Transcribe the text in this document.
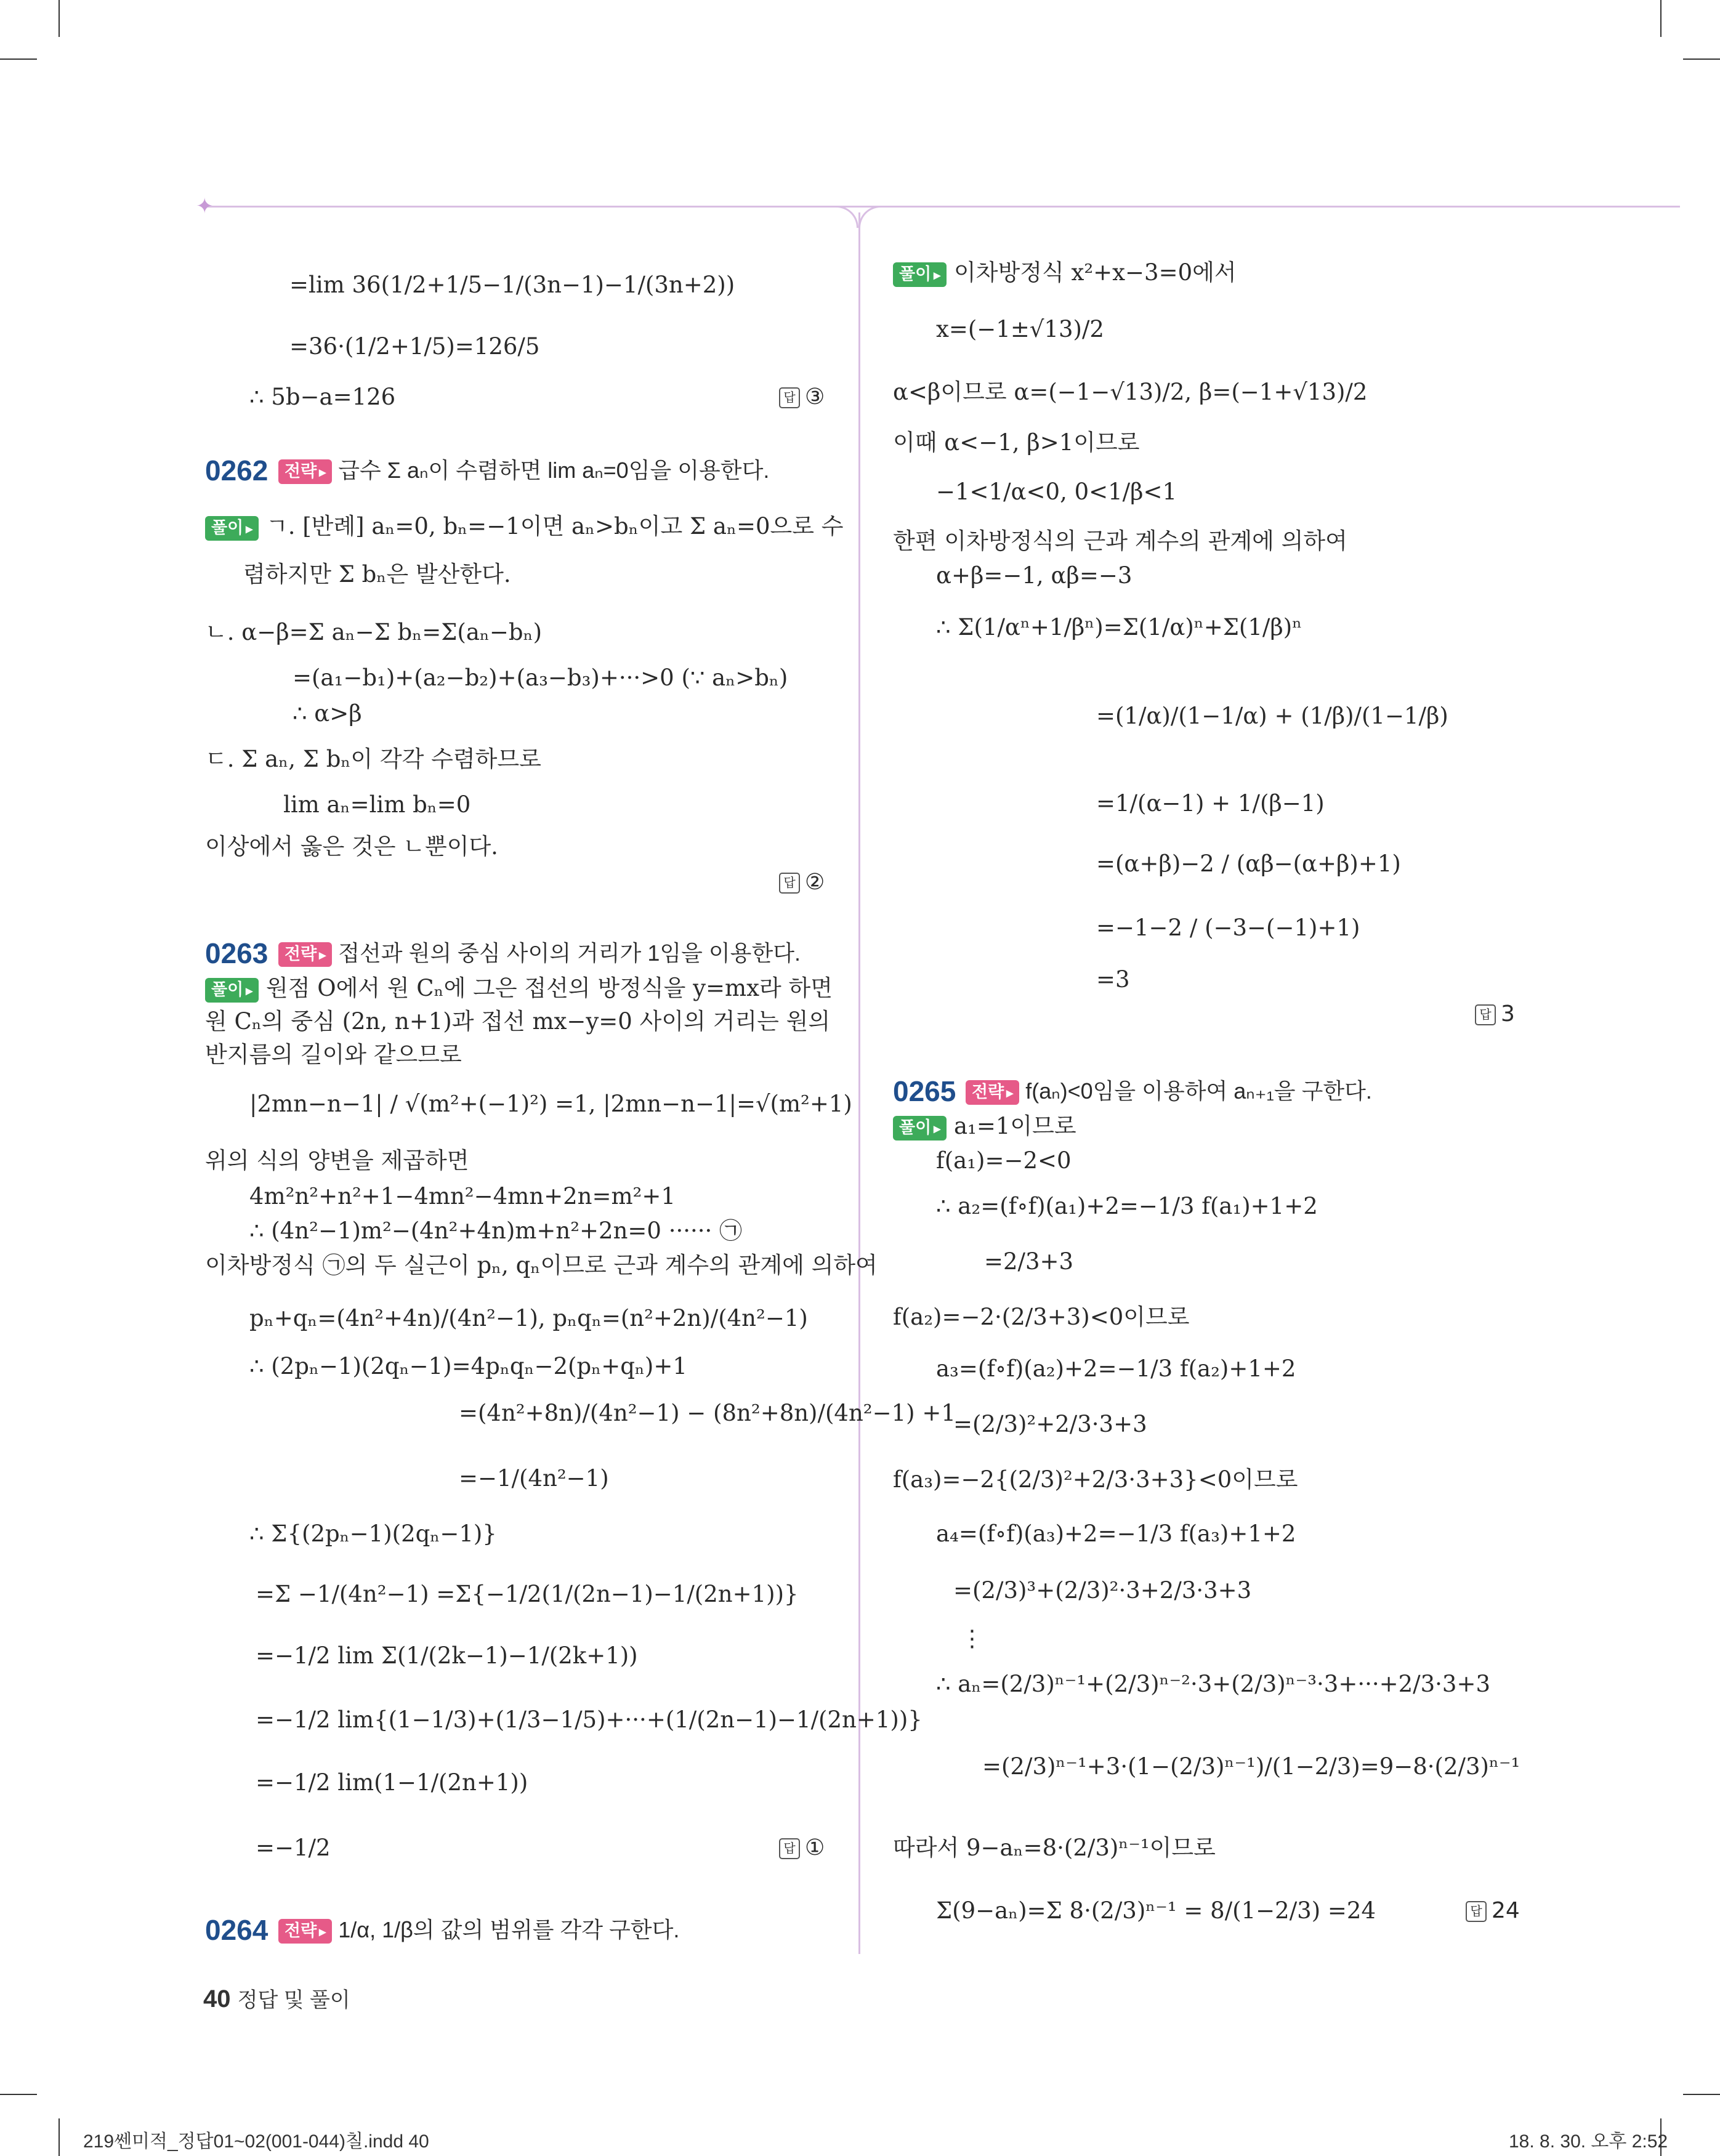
✦
=lim 36(1/2+1/5−1/(3n−1)−1/(3n+2))
=36·(1/2+1/5)=126/5
∴ 5b−a=126	답 ③
0262 전략 ▸ 급수 Σ aₙ이 수렴하면 lim aₙ=0임을 이용한다.
풀이 ▸ ㄱ. [반례] aₙ=0, bₙ=−1이면 aₙ>bₙ이고 Σ aₙ=0으로 수
렴하지만 Σ bₙ은 발산한다.
ㄴ. α−β=Σ aₙ−Σ bₙ=Σ(aₙ−bₙ)
=(a₁−b₁)+(a₂−b₂)+(a₃−b₃)+···>0 (∵ aₙ>bₙ)
∴ α>β
ㄷ. Σ aₙ, Σ bₙ이 각각 수렴하므로
lim aₙ=lim bₙ=0
이상에서 옳은 것은 ㄴ뿐이다.
답 ②
0263 전략 ▸ 접선과 원의 중심 사이의 거리가 1임을 이용한다.
풀이 ▸ 원점 O에서 원 Cₙ에 그은 접선의 방정식을 y=mx라 하면
원 Cₙ의 중심 (2n, n+1)과 접선 mx−y=0 사이의 거리는 원의
반지름의 길이와 같으므로
|2mn−n−1| / √(m²+(−1)²) =1, |2mn−n−1|=√(m²+1)
위의 식의 양변을 제곱하면
4m²n²+n²+1−4mn²−4mn+2n=m²+1
∴ (4n²−1)m²−(4n²+4n)m+n²+2n=0 ······ ㉠
이차방정식 ㉠의 두 실근이 pₙ, qₙ이므로 근과 계수의 관계에 의하여
pₙ+qₙ=(4n²+4n)/(4n²−1), pₙqₙ=(n²+2n)/(4n²−1)
∴ (2pₙ−1)(2qₙ−1)=4pₙqₙ−2(pₙ+qₙ)+1
=(4n²+8n)/(4n²−1) − (8n²+8n)/(4n²−1) +1
=−1/(4n²−1)
∴ Σ{(2pₙ−1)(2qₙ−1)}
=Σ −1/(4n²−1) =Σ{−1/2(1/(2n−1)−1/(2n+1))}
=−1/2 lim Σ(1/(2k−1)−1/(2k+1))
=−1/2 lim{(1−1/3)+(1/3−1/5)+···+(1/(2n−1)−1/(2n+1))}
=−1/2 lim(1−1/(2n+1))
=−1/2	답 ①
0264 전략 ▸ 1/α, 1/β의 값의 범위를 각각 구한다.
풀이 ▸ 이차방정식 x²+x−3=0에서
x=(−1±√13)/2
α<β이므로 α=(−1−√13)/2, β=(−1+√13)/2
이때 α<−1, β>1이므로
−1<1/α<0, 0<1/β<1
한편 이차방정식의 근과 계수의 관계에 의하여
α+β=−1, αβ=−3
∴ Σ(1/αⁿ+1/βⁿ)=Σ(1/α)ⁿ+Σ(1/β)ⁿ
=(1/α)/(1−1/α) + (1/β)/(1−1/β)
=1/(α−1) + 1/(β−1)
=(α+β)−2 / (αβ−(α+β)+1)
=−1−2 / (−3−(−1)+1)
=3
답 3
0265 전략 ▸ f(aₙ)<0임을 이용하여 aₙ₊₁을 구한다.
풀이 ▸ a₁=1이므로
f(a₁)=−2<0
∴ a₂=(f∘f)(a₁)+2=−1/3 f(a₁)+1+2
=2/3+3
f(a₂)=−2·(2/3+3)<0이므로
a₃=(f∘f)(a₂)+2=−1/3 f(a₂)+1+2
=(2/3)²+2/3·3+3
f(a₃)=−2{(2/3)²+2/3·3+3}<0이므로
a₄=(f∘f)(a₃)+2=−1/3 f(a₃)+1+2
=(2/3)³+(2/3)²·3+2/3·3+3
⋮
∴ aₙ=(2/3)ⁿ⁻¹+(2/3)ⁿ⁻²·3+(2/3)ⁿ⁻³·3+···+2/3·3+3
=(2/3)ⁿ⁻¹+3·(1−(2/3)ⁿ⁻¹)/(1−2/3)=9−8·(2/3)ⁿ⁻¹
따라서 9−aₙ=8·(2/3)ⁿ⁻¹이므로
Σ(9−aₙ)=Σ 8·(2/3)ⁿ⁻¹ = 8/(1−2/3) =24	답 24
40 정답 및 풀이
219쎈미적_정답01~02(001-044)칠.indd 40	18. 8. 30. 오후 2:52
